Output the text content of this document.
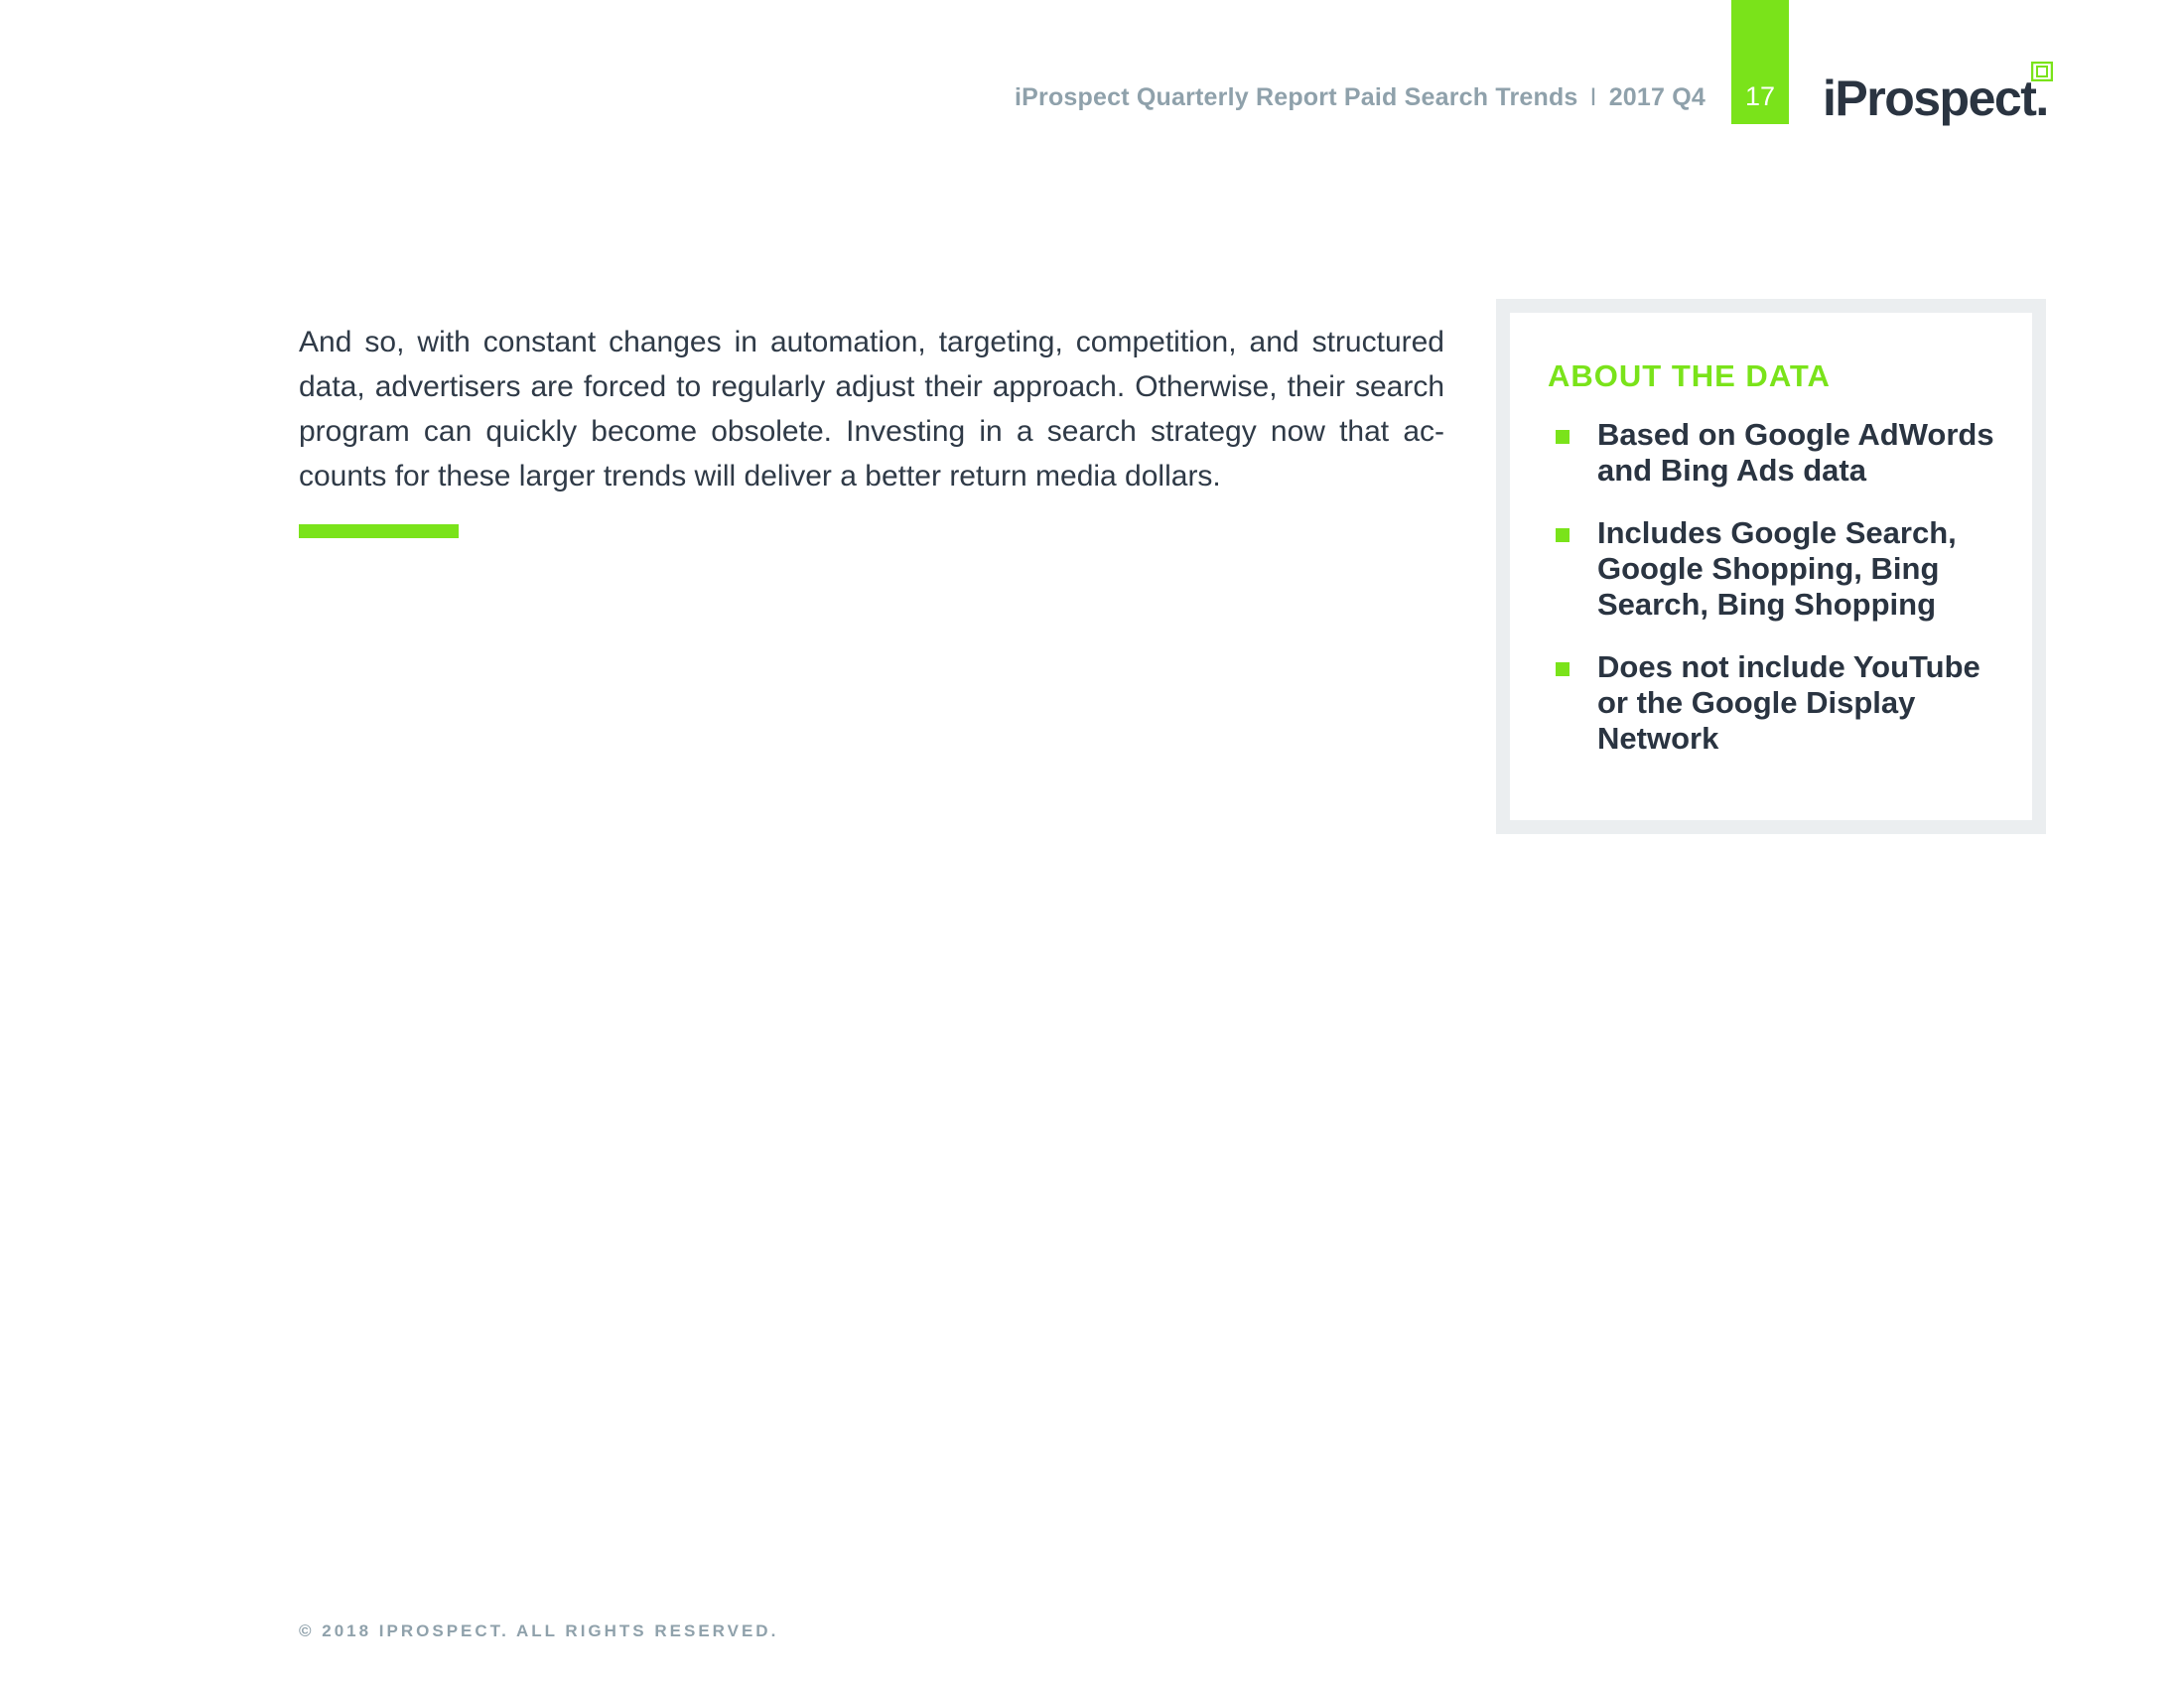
iProspect Quarterly Report Paid Search Trends I 2017 Q4	17 iProspect.

And so, with constant changes in automation, targeting, competition, and structured data, advertisers are forced to regularly adjust their approach. Otherwise, their search program can quickly become obsolete. Investing in a search strategy now that ac-counts for these larger trends will deliver a better return media dollars.

ABOUT THE DATA
Based on Google AdWords and Bing Ads data
Includes Google Search, Google Shopping, Bing Search, Bing Shopping
Does not include YouTube or the Google Display Network
© 2018 IPROSPECT. ALL RIGHTS RESERVED.
